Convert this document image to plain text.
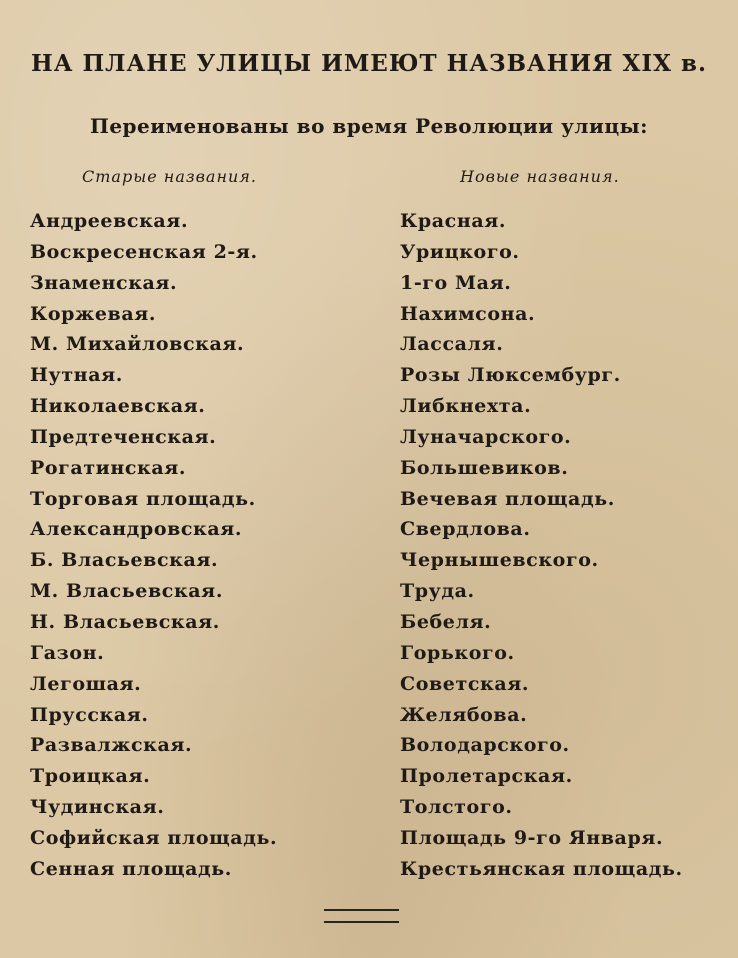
НА ПЛАНЕ УЛИЦЫ ИМЕЮТ НАЗВАНИЯ XIX в.
Переименованы во время Революции улицы:
Старые названия.	Новые названия.
Андреевская.
Воскресенская 2-я.
Знаменская.
Коржевая.
М. Михайловская.
Нутная.
Николаевская.
Предтеченская.
Рогатинская.
Торговая площадь.
Александровская.
Б. Власьевская.
М. Власьевская.
Н. Власьевская.
Газон.
Легошая.
Прусская.
Развалжская.
Троицкая.
Чудинская.
Софийская площадь.
Сенная площадь.
Красная.
Урицкого.
1-го Мая.
Нахимсона.
Лассаля.
Розы Люксембург.
Либкнехта.
Луначарского.
Большевиков.
Вечевая площадь.
Свердлова.
Чернышевского.
Труда.
Бебеля.
Горького.
Советская.
Желябова.
Володарского.
Пролетарская.
Толстого.
Площадь 9-го Января.
Крестьянская площадь.
